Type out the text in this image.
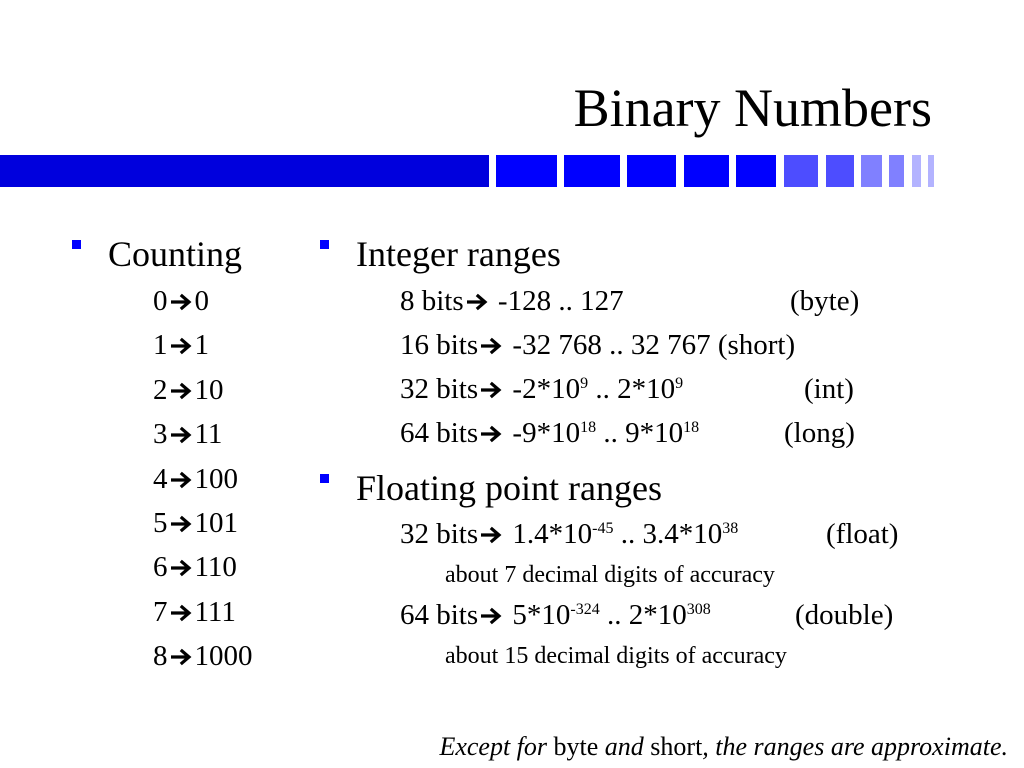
Binary Numbers
Counting
0 0
1 1
2 10
3 11
4 100
5 101
6 110
7 111
8 1000
Integer ranges
8 bits -128 .. 127	(byte)
16 bits -32 768 .. 32 767 (short)
32 bits $-2*10^9$ .. $2*10^9$	(int)
64 bits $-9*10^{18}$ .. $9*10^{18}$	(long)
Floating point ranges
32 bits $1.4*10^{-45}$ .. $3.4*10^{38}$	(float)
about 7 decimal digits of accuracy
64 bits $5*10^{-324}$ .. $2*10^{308}$	(double)
about 15 decimal digits of accuracy
Except for byte and short, the ranges are approximate.
